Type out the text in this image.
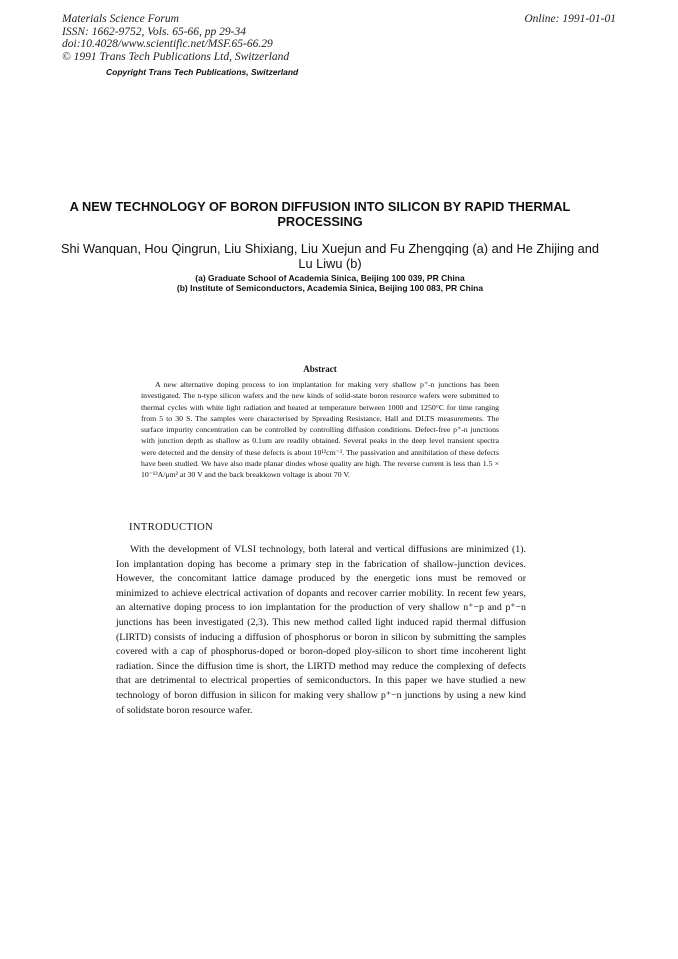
Materials Science Forum
ISSN: 1662-9752, Vols. 65-66, pp 29-34
doi:10.4028/www.scientific.net/MSF.65-66.29
© 1991 Trans Tech Publications Ltd, Switzerland
Online: 1991-01-01
Copyright Trans Tech Publications, Switzerland
A NEW TECHNOLOGY OF BORON DIFFUSION INTO SILICON BY RAPID THERMAL PROCESSING
Shi Wanquan, Hou Qingrun, Liu Shixiang, Liu Xuejun and Fu Zhengqing (a) and He Zhijing and Lu Liwu (b)
(a) Graduate School of Academia Sinica, Beijing 100 039, PR China
(b) Institute of Semiconductors, Academia Sinica, Beijing 100 083, PR China
Abstract
A new alternative doping process to ion implantation for making very shallow p⁺-n junctions has been investigated. The n-type silicon wafers and the new kinds of solid-state boron resource wafers were submitted to thermal cycles with white light radiation and heated at temperature between 1000 and 1250°C for time ranging from 5 to 30 S. The samples were characterised by Spreading Resistance, Hall and DLTS measurements. The surface impurity concentration can be controlled by controlling diffusion conditions. Defect-free p⁺-n junctions with junction depth as shallow as 0.1um are readily obtained. Several peaks in the deep level transient spectra were detected and the density of these defects is about 10¹²cm⁻³. The passivation and annihilation of these defects have been studied. We have also made planar diodes whose quality are high. The reverse current is less than 1.5 × 10⁻¹³A/μm² at 30 V and the back breakkown voltage is about 70 V.
INTRODUCTION
With the development of VLSI technology, both lateral and vertical diffusions are minimized (1). Ion implantation doping has become a primary step in the fabrication of shallow-junction devices. However, the concomitant lattice damage produced by the energetic ions must be removed or minimized to achieve electrical activation of dopants and recover carrier mobility. In recent few years, an alternative doping process to ion implantation for the production of very shallow n⁺−p and p⁺−n junctions has been investigated (2,3). This new method called light induced rapid thermal diffusion (LIRTD) consists of inducing a diffusion of phosphorus or boron in silicon by submitting the samples covered with a cap of phosphorus-doped or boron-doped ploy-silicon to short time incoherent light radiation. Since the diffusion time is short, the LIRTD method may reduce the complexing of defects that are detrimental to electrical properties of semiconductors. In this paper we have studied a new technology of boron diffusion in silicon for making very shallow p⁺−n junctions by using a new kind of solidstate boron resource wafer.
